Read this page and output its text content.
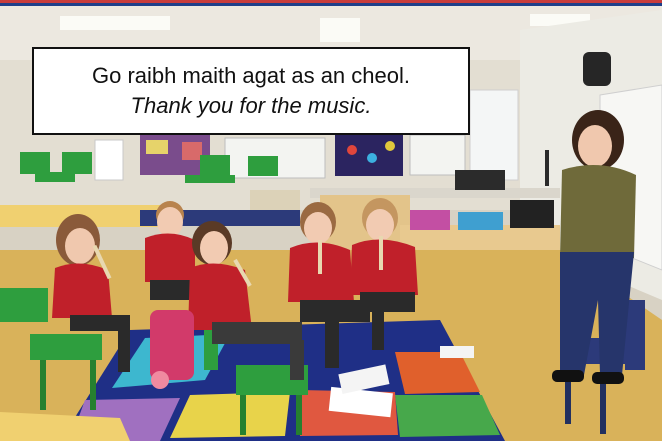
Go raibh maith agat as an cheol.
Thank you for the music.
